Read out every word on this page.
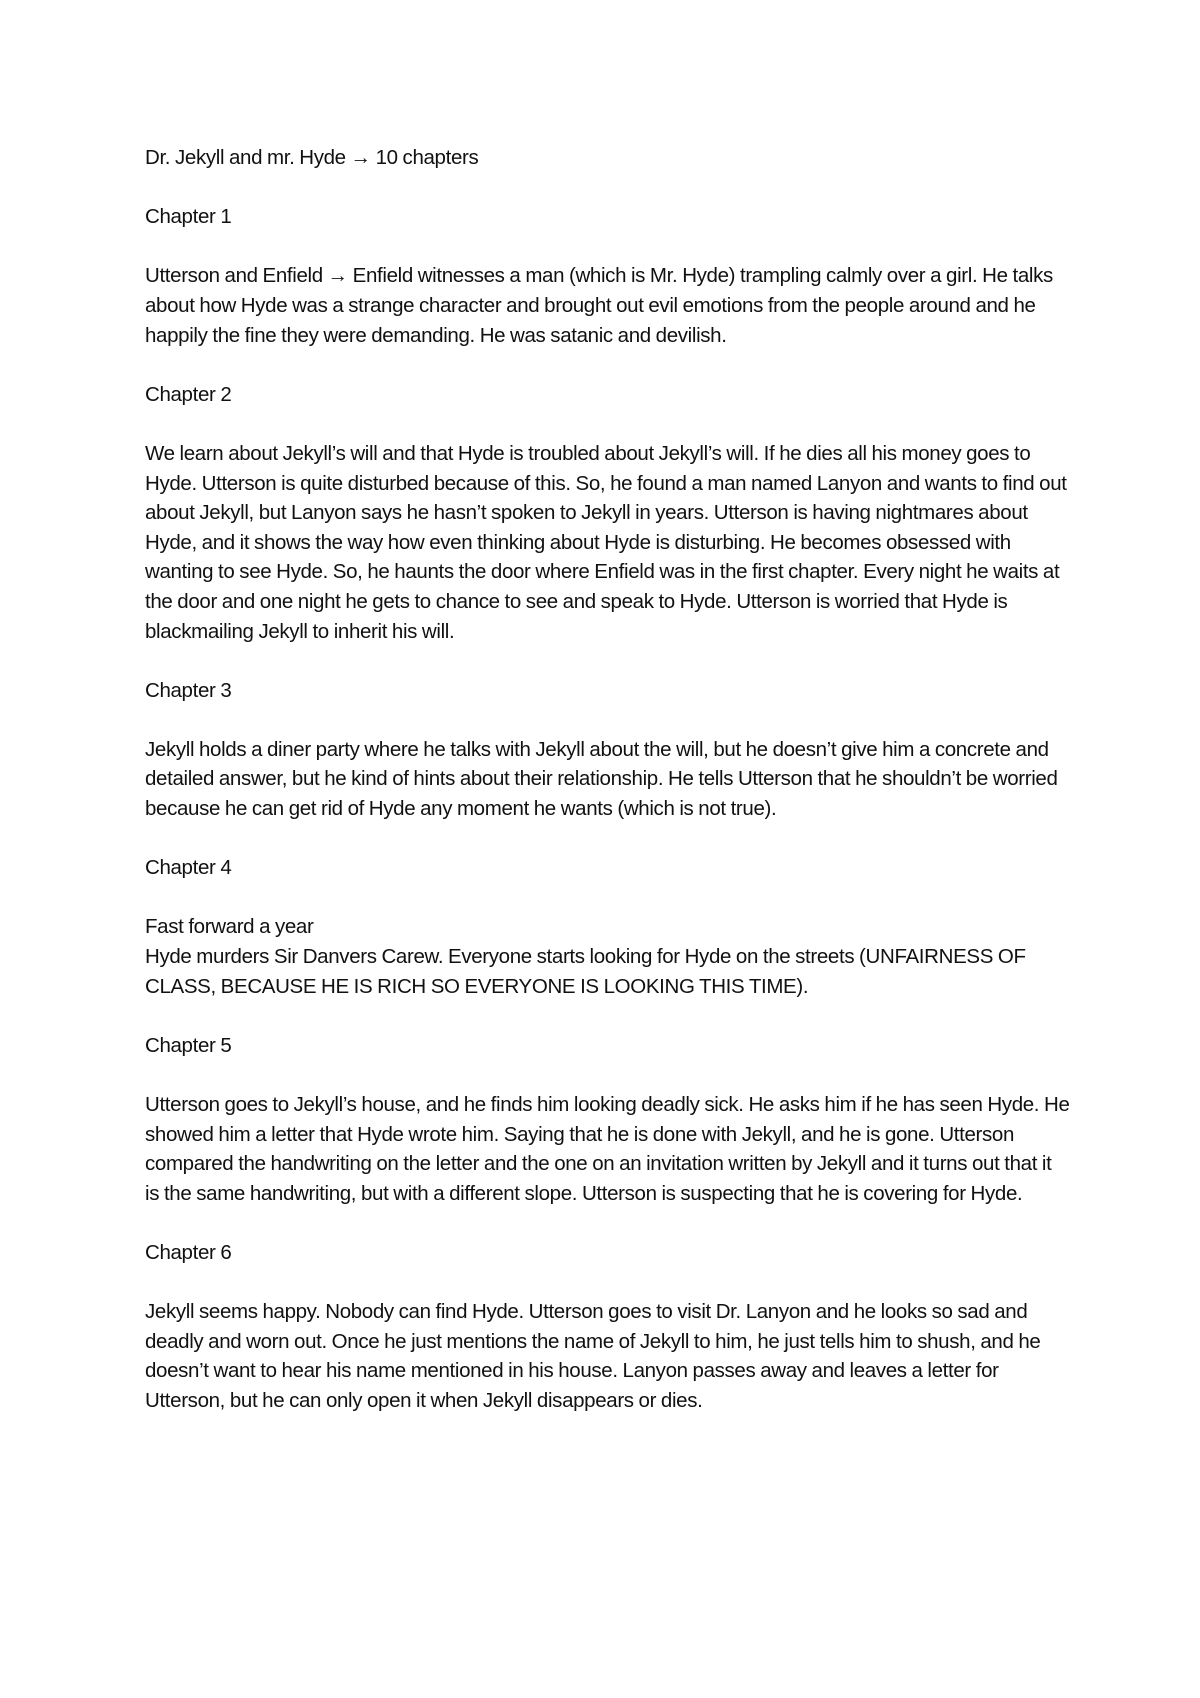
Dr. Jekyll and mr. Hyde → 10 chapters

Chapter 1

Utterson and Enfield → Enfield witnesses a man (which is Mr. Hyde) trampling calmly over a girl. He talks about how Hyde was a strange character and brought out evil emotions from the people around and he happily the fine they were demanding. He was satanic and devilish.

Chapter 2

We learn about Jekyll’s will and that Hyde is troubled about Jekyll’s will. If he dies all his money goes to Hyde. Utterson is quite disturbed because of this. So, he found a man named Lanyon and wants to find out about Jekyll, but Lanyon says he hasn’t spoken to Jekyll in years. Utterson is having nightmares about Hyde, and it shows the way how even thinking about Hyde is disturbing. He becomes obsessed with wanting to see Hyde. So, he haunts the door where Enfield was in the first chapter. Every night he waits at the door and one night he gets to chance to see and speak to Hyde. Utterson is worried that Hyde is blackmailing Jekyll to inherit his will.

Chapter 3

Jekyll holds a diner party where he talks with Jekyll about the will, but he doesn’t give him a concrete and detailed answer, but he kind of hints about their relationship. He tells Utterson that he shouldn’t be worried because he can get rid of Hyde any moment he wants (which is not true).

Chapter 4

Fast forward a year

Hyde murders Sir Danvers Carew. Everyone starts looking for Hyde on the streets (UNFAIRNESS OF CLASS, BECAUSE HE IS RICH SO EVERYONE IS LOOKING THIS TIME).

Chapter 5

Utterson goes to Jekyll’s house, and he finds him looking deadly sick. He asks him if he has seen Hyde. He showed him a letter that Hyde wrote him. Saying that he is done with Jekyll, and he is gone. Utterson compared the handwriting on the letter and the one on an invitation written by Jekyll and it turns out that it is the same handwriting, but with a different slope. Utterson is suspecting that he is covering for Hyde.

Chapter 6

Jekyll seems happy. Nobody can find Hyde. Utterson goes to visit Dr. Lanyon and he looks so sad and deadly and worn out. Once he just mentions the name of Jekyll to him, he just tells him to shush, and he doesn’t want to hear his name mentioned in his house. Lanyon passes away and leaves a letter for Utterson, but he can only open it when Jekyll disappears or dies.
